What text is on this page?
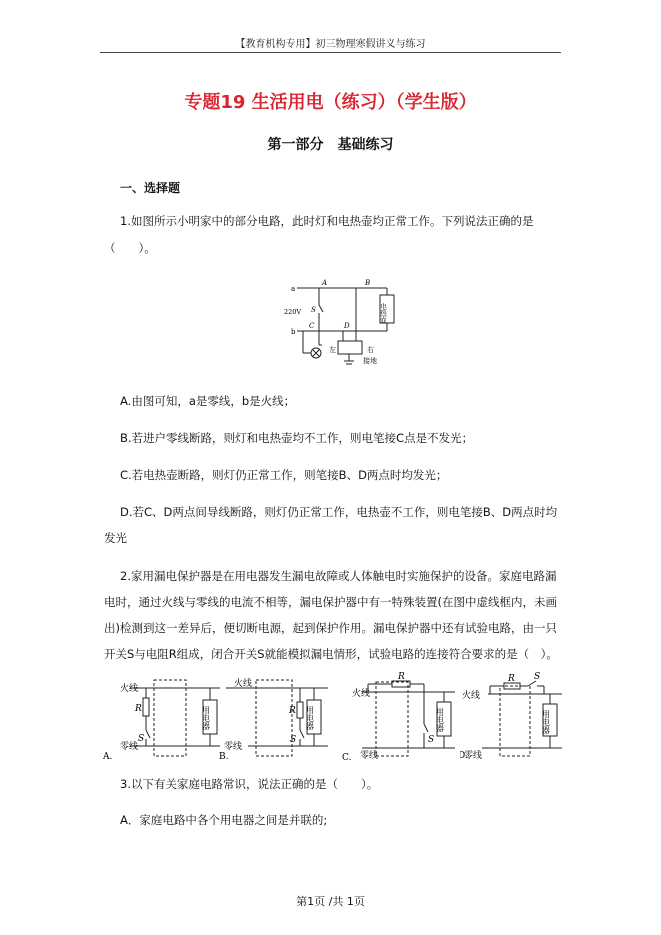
【教育机构专用】初三物理寒假讲义与练习
专题19 生活用电（练习）（学生版）
第一部分　基础练习
一、选择题
1.如图所示小明家中的部分电路，此时灯和电热壶均正常工作。下列说法正确的是
（　　）。
a
b
A	B
C	D
S
220V	电热壶
左	右
接地
A.由图可知，a是零线，b是火线；
B.若进户零线断路，则灯和电热壶均不工作，则电笔接C点是不发光；
C.若电热壶断路，则灯仍正常工作，则笔接B、D两点时均发光；
D.若C、D两点间导线断路，则灯仍正常工作，电热壶不工作，则电笔接B、D两点时均
发光
2.家用漏电保护器是在用电器发生漏电故障或人体触电时实施保护的设备。家庭电路漏
电时，通过火线与零线的电流不相等，漏电保护器中有一特殊装置(在图中虚线框内，未画
出)检测到这一差异后，便切断电源，起到保护作用。漏电保护器中还有试验电路，由一只
开关S与电阻R组成，闭合开关S就能模拟漏电情形，试验电路的连接符合要求的是（　）。
火线
零线
R
S
用电器
A.
火线
零线
R
S
用电器
B.
火线
零线
R
S
用电器
C.
火线
零线
R S
用电器
D.
3.以下有关家庭电路常识，说法正确的是（　　）。
A．家庭电路中各个用电器之间是并联的;
第1页 /共 1页
